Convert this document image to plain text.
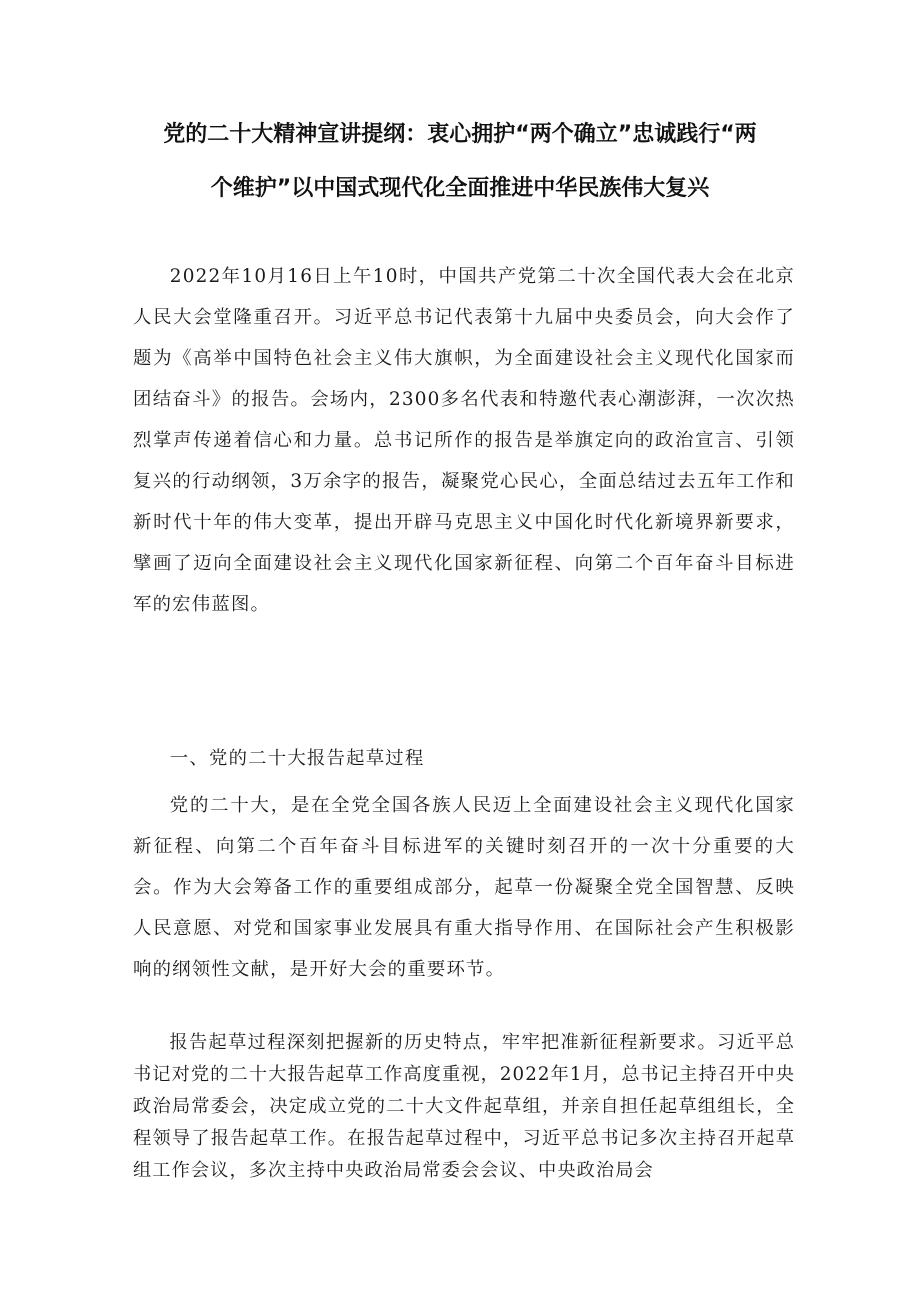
党的二十大精神宣讲提纲：衷心拥护“两个确立”忠诚践行“两
个维护”以中国式现代化全面推进中华民族伟大复兴

2022年10月16日上午10时，中国共产党第二十次全国代表大会在北京人民大会堂隆重召开。习近平总书记代表第十九届中央委员会，向大会作了题为《高举中国特色社会主义伟大旗帜，为全面建设社会主义现代化国家而团结奋斗》的报告。会场内，2300多名代表和特邀代表心潮澎湃，一次次热烈掌声传递着信心和力量。总书记所作的报告是举旗定向的政治宣言、引领复兴的行动纲领，3万余字的报告，凝聚党心民心，全面总结过去五年工作和新时代十年的伟大变革，提出开辟马克思主义中国化时代化新境界新要求，擘画了迈向全面建设社会主义现代化国家新征程、向第二个百年奋斗目标进军的宏伟蓝图。

一、党的二十大报告起草过程

党的二十大，是在全党全国各族人民迈上全面建设社会主义现代化国家新征程、向第二个百年奋斗目标进军的关键时刻召开的一次十分重要的大会。作为大会筹备工作的重要组成部分，起草一份凝聚全党全国智慧、反映人民意愿、对党和国家事业发展具有重大指导作用、在国际社会产生积极影响的纲领性文献，是开好大会的重要环节。

报告起草过程深刻把握新的历史特点，牢牢把准新征程新要求。习近平总书记对党的二十大报告起草工作高度重视，2022年1月，总书记主持召开中央政治局常委会，决定成立党的二十大文件起草组，并亲自担任起草组组长，全程领导了报告起草工作。在报告起草过程中，习近平总书记多次主持召开起草组工作会议，多次主持中央政治局常委会会议、中央政治局会
